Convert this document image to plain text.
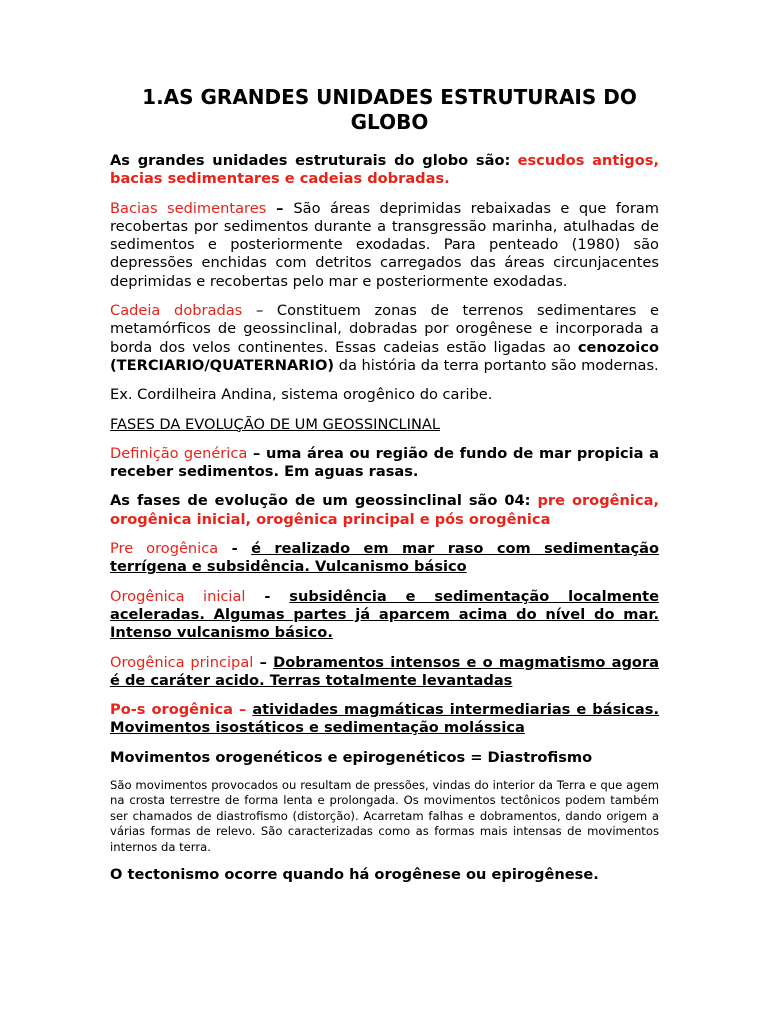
1.AS GRANDES UNIDADES ESTRUTURAIS DO GLOBO

As grandes unidades estruturais do globo são: escudos antigos, bacias sedimentares e cadeias dobradas.

Bacias sedimentares – São áreas deprimidas rebaixadas e que foram recobertas por sedimentos durante a transgressão marinha, atulhadas de sedimentos e posteriormente exodadas. Para penteado (1980) são depressões enchidas com detritos carregados das áreas circunjacentes deprimidas e recobertas pelo mar e posteriormente exodadas.

Cadeia dobradas – Constituem zonas de terrenos sedimentares e metamórficos de geossinclinal, dobradas por orogênese e incorporada a borda dos velos continentes. Essas cadeias estão ligadas ao cenozoico (TERCIARIO/QUATERNARIO) da história da terra portanto são modernas.

Ex. Cordilheira Andina, sistema orogênico do caribe.

FASES DA EVOLUÇÃO DE UM GEOSSINCLINAL

Definição genérica – uma área ou região de fundo de mar propicia a receber sedimentos. Em aguas rasas.

As fases de evolução de um geossinclinal são 04: pre orogênica, orogênica inicial, orogênica principal e pós orogênica

Pre orogênica - é realizado em mar raso com sedimentação terrígena e subsidência. Vulcanismo básico

Orogênica inicial - subsidência e sedimentação localmente aceleradas. Algumas partes já aparcem acima do nível do mar. Intenso vulcanismo básico.

Orogênica principal – Dobramentos intensos e o magmatismo agora é de caráter acido. Terras totalmente levantadas

Po-s orogênica – atividades magmáticas intermediarias e básicas. Movimentos isostáticos e sedimentação molássica

Movimentos orogenéticos e epirogenéticos = Diastrofismo

São movimentos provocados ou resultam de pressões, vindas do interior da Terra e que agem na crosta terrestre de forma lenta e prolongada. Os movimentos tectônicos podem também ser chamados de diastrofismo (distorção). Acarretam falhas e dobramentos, dando origem a várias formas de relevo. São caracterizadas como as formas mais intensas de movimentos internos da terra.

O tectonismo ocorre quando há orogênese ou epirogênese.
